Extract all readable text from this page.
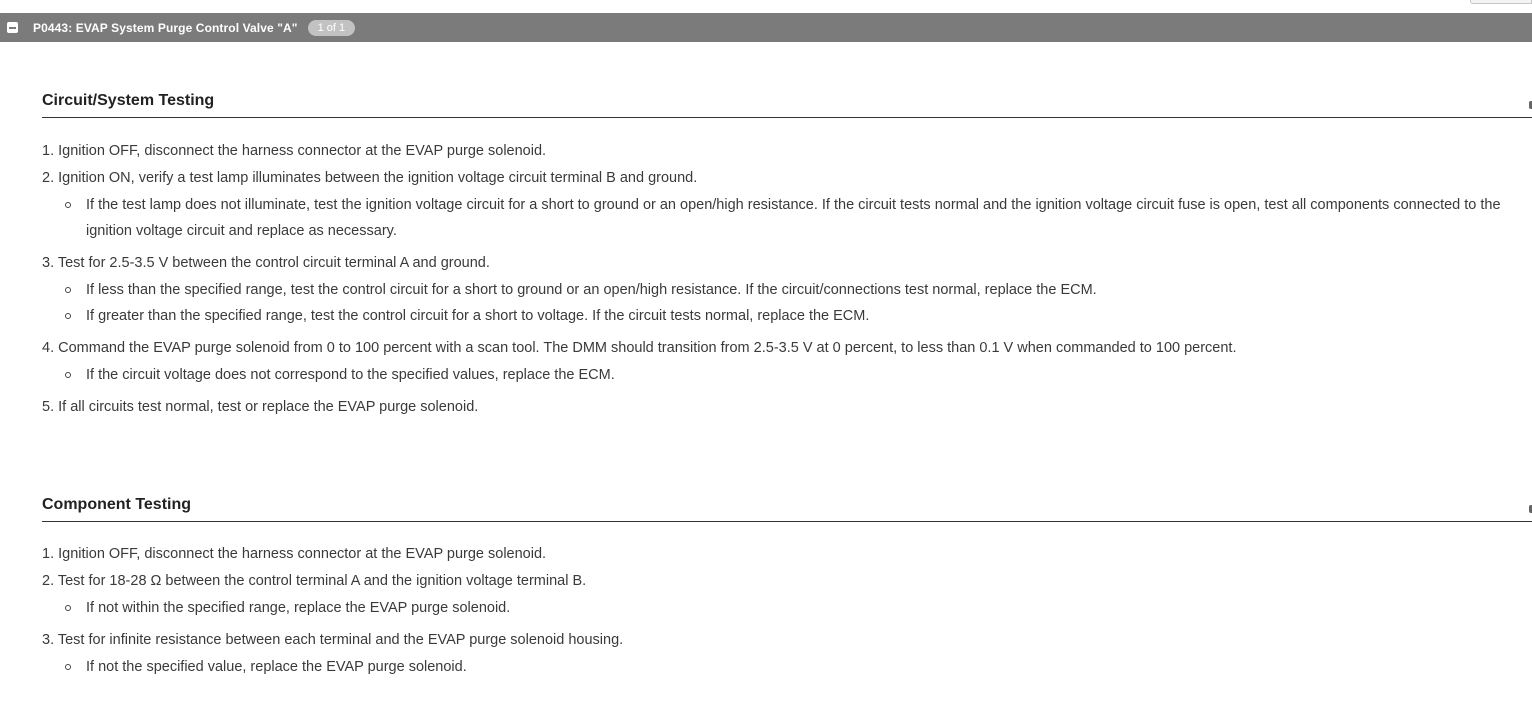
P0443: EVAP System Purge Control Valve "A"	1 of 1
Circuit/System Testing
1. Ignition OFF, disconnect the harness connector at the EVAP purge solenoid.
2. Ignition ON, verify a test lamp illuminates between the ignition voltage circuit terminal B and ground.
If the test lamp does not illuminate, test the ignition voltage circuit for a short to ground or an open/high resistance. If the circuit tests normal and the ignition voltage circuit fuse is open, test all components connected to the ignition voltage circuit and replace as necessary.
3. Test for 2.5-3.5 V between the control circuit terminal A and ground.
If less than the specified range, test the control circuit for a short to ground or an open/high resistance. If the circuit/connections test normal, replace the ECM.
If greater than the specified range, test the control circuit for a short to voltage. If the circuit tests normal, replace the ECM.
4. Command the EVAP purge solenoid from 0 to 100 percent with a scan tool. The DMM should transition from 2.5-3.5 V at 0 percent, to less than 0.1 V when commanded to 100 percent.
If the circuit voltage does not correspond to the specified values, replace the ECM.
5. If all circuits test normal, test or replace the EVAP purge solenoid.
Component Testing
1. Ignition OFF, disconnect the harness connector at the EVAP purge solenoid.
2. Test for 18-28 Ω between the control terminal A and the ignition voltage terminal B.
If not within the specified range, replace the EVAP purge solenoid.
3. Test for infinite resistance between each terminal and the EVAP purge solenoid housing.
If not the specified value, replace the EVAP purge solenoid.
